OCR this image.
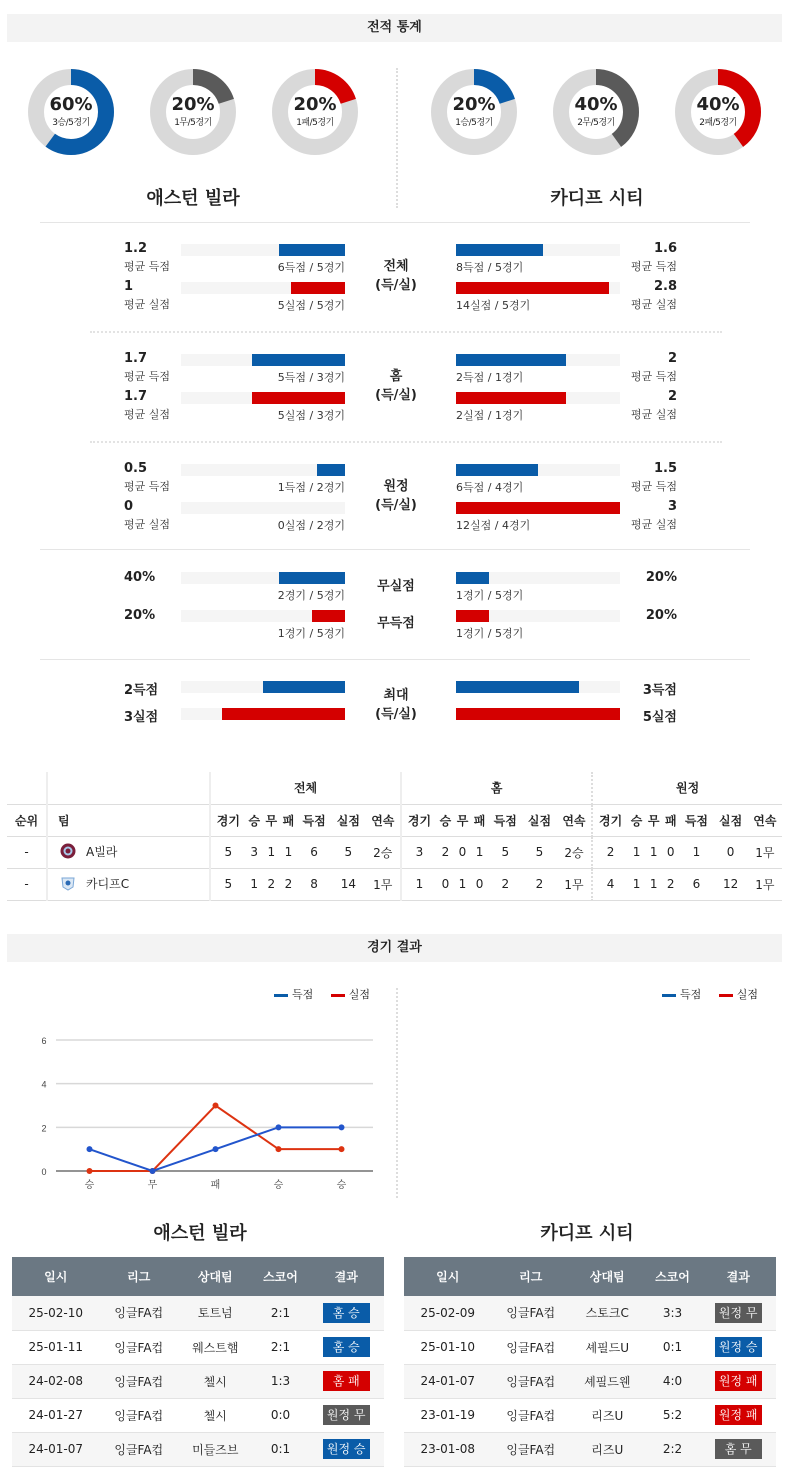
전적 통계
60%
3승/5경기
20%
1무/5경기
20%
1패/5경기
20%
1승/5경기
40%
2무/5경기
40%
2패/5경기
애스턴 빌라	카디프 시티
1.2
평균 득점
1
평균 실점
6득점 / 5경기
5실점 / 5경기
전체
(득/실)
8득점 / 5경기
14실점 / 5경기
1.6
평균 득점
2.8
평균 실점
1.7
평균 득점
1.7
평균 실점
5득점 / 3경기
5실점 / 3경기
홈
(득/실)
2득점 / 1경기
2실점 / 1경기
2
평균 득점
2
평균 실점
0.5
평균 득점
0
평균 실점
1득점 / 2경기
0실점 / 2경기
원정
(득/실)
6득점 / 4경기
12실점 / 4경기
1.5
평균 득점
3
평균 실점
40%
2경기 / 5경기
20%
1경기 / 5경기
무실점
무득점
1경기 / 5경기
1경기 / 5경기
20%
20%
2득점
3실점
최대
(득/실)
3득점
5실점
		전체							홈							원정						
순위	팀	경기	승	무	패	득점	실점	연속	경기	승	무	패	득점	실점	연속	경기	승	무	패	득점	실점	연속
-	A빌라	5	3	1	1	6	5	2승	3	2	0	1	5	5	2승	2	1	1	0	1	0	1무
-	카디프C	5	1	2	2	8	14	1무	1	0	1	0	2	2	1무	4	1	1	2	6	12	1무
경기 결과
득점	실점	득점	실점
0
2
4
6
승	무	패	승	승
애스턴 빌라	카디프 시티
일시	리그	상대팀	스코어	결과
25-02-10	잉글FA컵	토트넘	2:1	홈 승
25-01-11	잉글FA컵	웨스트햄	2:1	홈 승
24-02-08	잉글FA컵	첼시	1:3	홈 패
24-01-27	잉글FA컵	첼시	0:0	원정 무
24-01-07	잉글FA컵	미들즈브	0:1	원정 승
일시	리그	상대팀	스코어	결과
25-02-09	잉글FA컵	스토크C	3:3	원정 무
25-01-10	잉글FA컵	셰필드U	0:1	원정 승
24-01-07	잉글FA컵	셰필드웬	4:0	원정 패
23-01-19	잉글FA컵	리즈U	5:2	원정 패
23-01-08	잉글FA컵	리즈U	2:2	홈 무
